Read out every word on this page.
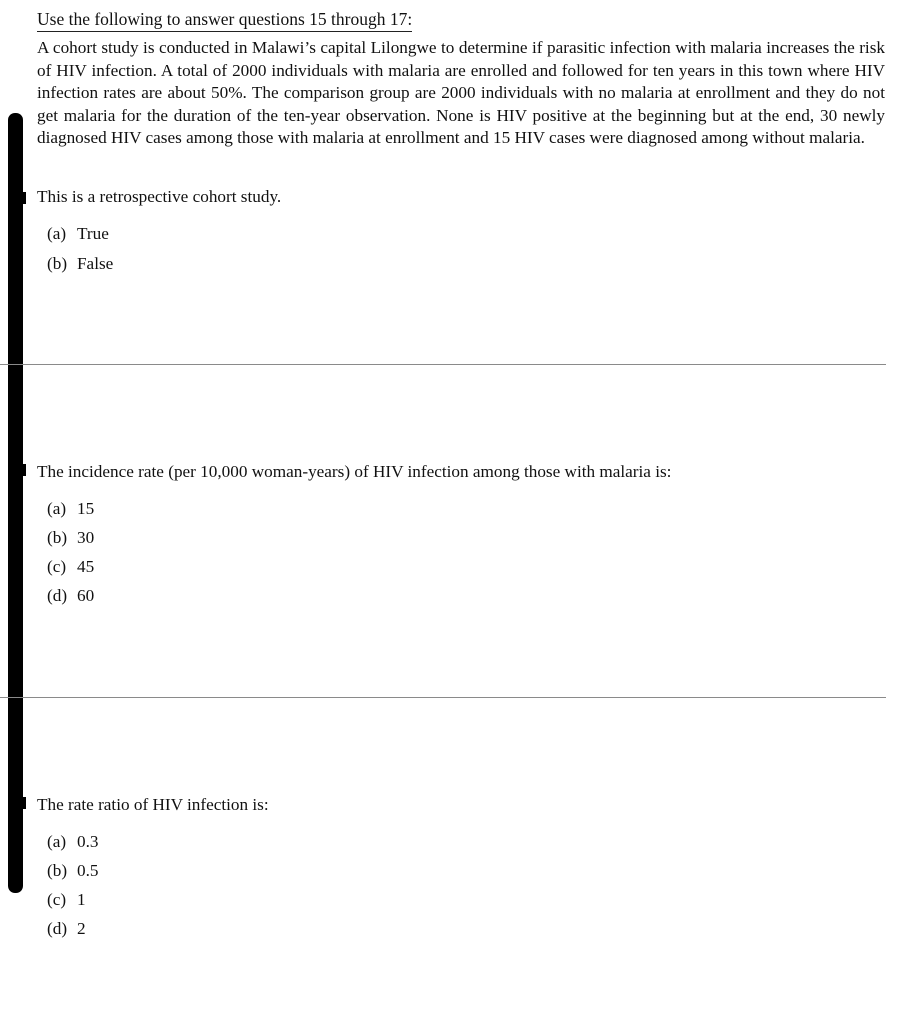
Use the following to answer questions 15 through 17:
A cohort study is conducted in Malawi’s capital Lilongwe to determine if parasitic infection with malaria increases the risk of HIV infection. A total of 2000 individuals with malaria are enrolled and followed for ten years in this town where HIV infection rates are about 50%. The comparison group are 2000 individuals with no malaria at enrollment and they do not get malaria for the duration of the ten-year observation. None is HIV positive at the beginning but at the end, 30 newly diagnosed HIV cases among those with malaria at enrollment and 15 HIV cases were diagnosed among without malaria.
This is a retrospective cohort study.
(a) True
(b) False
The incidence rate (per 10,000 woman-years) of HIV infection among those with malaria is:
(a) 15
(b) 30
(c) 45
(d) 60
The rate ratio of HIV infection is:
(a) 0.3
(b) 0.5
(c) 1
(d) 2
